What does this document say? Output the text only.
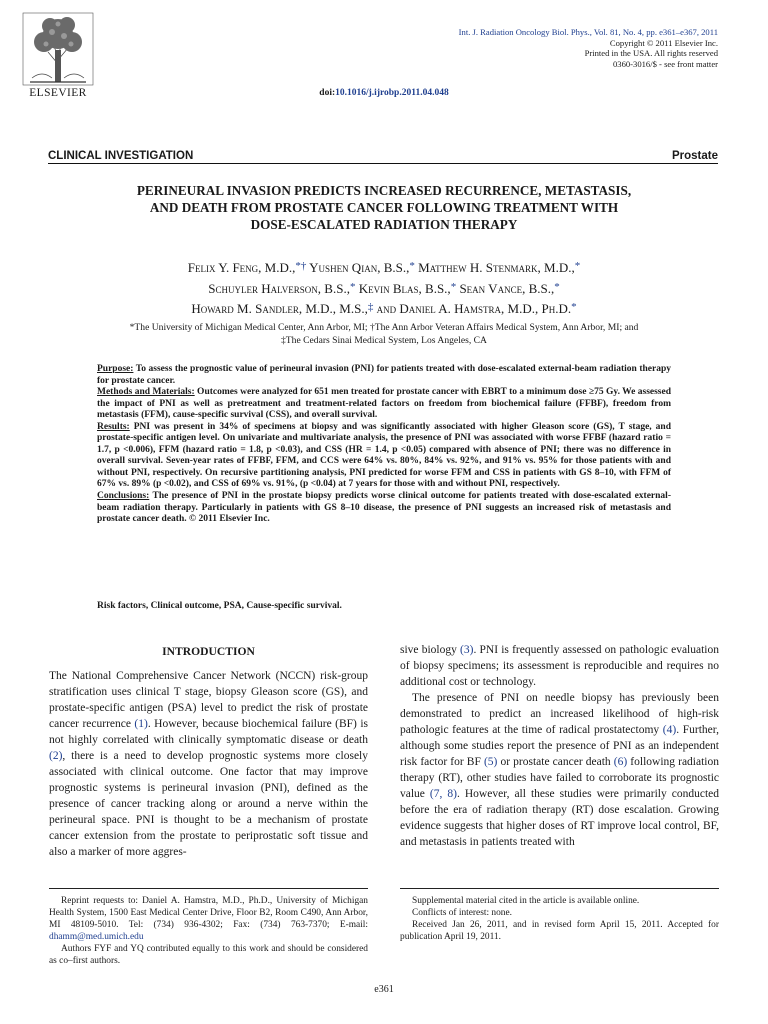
ELSEVIER
Int. J. Radiation Oncology Biol. Phys., Vol. 81, No. 4, pp. e361–e367, 2011
Copyright © 2011 Elsevier Inc.
Printed in the USA. All rights reserved
0360-3016/$ - see front matter
doi:10.1016/j.ijrobp.2011.04.048
CLINICAL INVESTIGATION	Prostate
PERINEURAL INVASION PREDICTS INCREASED RECURRENCE, METASTASIS,
AND DEATH FROM PROSTATE CANCER FOLLOWING TREATMENT WITH
DOSE-ESCALATED RADIATION THERAPY
Felix Y. Feng, M.D.,*† Yushen Qian, B.S.,* Matthew H. Stenmark, M.D.,*
Schuyler Halverson, B.S.,* Kevin Blas, B.S.,* Sean Vance, B.S.,*
Howard M. Sandler, M.D., M.S.,‡ and Daniel A. Hamstra, M.D., Ph.D.*
*The University of Michigan Medical Center, Ann Arbor, MI; †The Ann Arbor Veteran Affairs Medical System, Ann Arbor, MI; and
‡The Cedars Sinai Medical System, Los Angeles, CA

Purpose: To assess the prognostic value of perineural invasion (PNI) for patients treated with dose-escalated external-beam radiation therapy for prostate cancer.

Methods and Materials: Outcomes were analyzed for 651 men treated for prostate cancer with EBRT to a minimum dose ≥75 Gy. We assessed the impact of PNI as well as pretreatment and treatment-related factors on freedom from biochemical failure (FFBF), freedom from metastasis (FFM), cause-specific survival (CSS), and overall survival.

Results: PNI was present in 34% of specimens at biopsy and was significantly associated with higher Gleason score (GS), T stage, and prostate-specific antigen level. On univariate and multivariate analysis, the presence of PNI was associated with worse FFBF (hazard ratio = 1.7, p <0.006), FFM (hazard ratio = 1.8, p <0.03), and CSS (HR = 1.4, p <0.05) compared with absence of PNI; there was no difference in overall survival. Seven-year rates of FFBF, FFM, and CCS were 64% vs. 80%, 84% vs. 92%, and 91% vs. 95% for those patients with and without PNI, respectively. On recursive partitioning analysis, PNI predicted for worse FFM and CSS in patients with GS 8–10, with FFM of 67% vs. 89% (p <0.02), and CSS of 69% vs. 91%, (p <0.04) at 7 years for those with and without PNI, respectively.

Conclusions: The presence of PNI in the prostate biopsy predicts worse clinical outcome for patients treated with dose-escalated external-beam radiation therapy. Particularly in patients with GS 8–10 disease, the presence of PNI suggests an increased risk of metastasis and prostate cancer death. © 2011 Elsevier Inc.

Risk factors, Clinical outcome, PSA, Cause-specific survival.
INTRODUCTION

The National Comprehensive Cancer Network (NCCN) risk-group stratification uses clinical T stage, biopsy Gleason score (GS), and prostate-specific antigen (PSA) level to predict the risk of prostate cancer recurrence (1). However, because biochemical failure (BF) is not highly correlated with clinically symptomatic disease or death (2), there is a need to develop prognostic systems more closely associated with clinical outcome. One factor that may improve prognostic systems is perineural invasion (PNI), defined as the presence of cancer tracking along or around a nerve within the perineural space. PNI is thought to be a mechanism of prostate cancer extension from the prostate to periprostatic soft tissue and also a marker of more aggres-

sive biology (3). PNI is frequently assessed on pathologic evaluation of biopsy specimens; its assessment is reproducible and requires no additional cost or technology.

The presence of PNI on needle biopsy has previously been demonstrated to predict an increased likelihood of high-risk pathologic features at the time of radical prostatectomy (4). Further, although some studies report the presence of PNI as an independent risk factor for BF (5) or prostate cancer death (6) following radiation therapy (RT), other studies have failed to corroborate its prognostic value (7, 8). However, all these studies were primarily conducted before the era of radiation therapy (RT) dose escalation. Growing evidence suggests that higher doses of RT improve local control, BF, and metastasis in patients treated with

Reprint requests to: Daniel A. Hamstra, M.D., Ph.D., University of Michigan Health System, 1500 East Medical Center Drive, Floor B2, Room C490, Ann Arbor, MI 48109-5010. Tel: (734) 936-4302; Fax: (734) 763-7370; E-mail: dhamm@med.umich.edu

Authors FYF and YQ contributed equally to this work and should be considered as co–first authors.

Supplemental material cited in the article is available online.

Conflicts of interest: none.

Received Jan 26, 2011, and in revised form April 15, 2011. Accepted for publication April 19, 2011.

e361
